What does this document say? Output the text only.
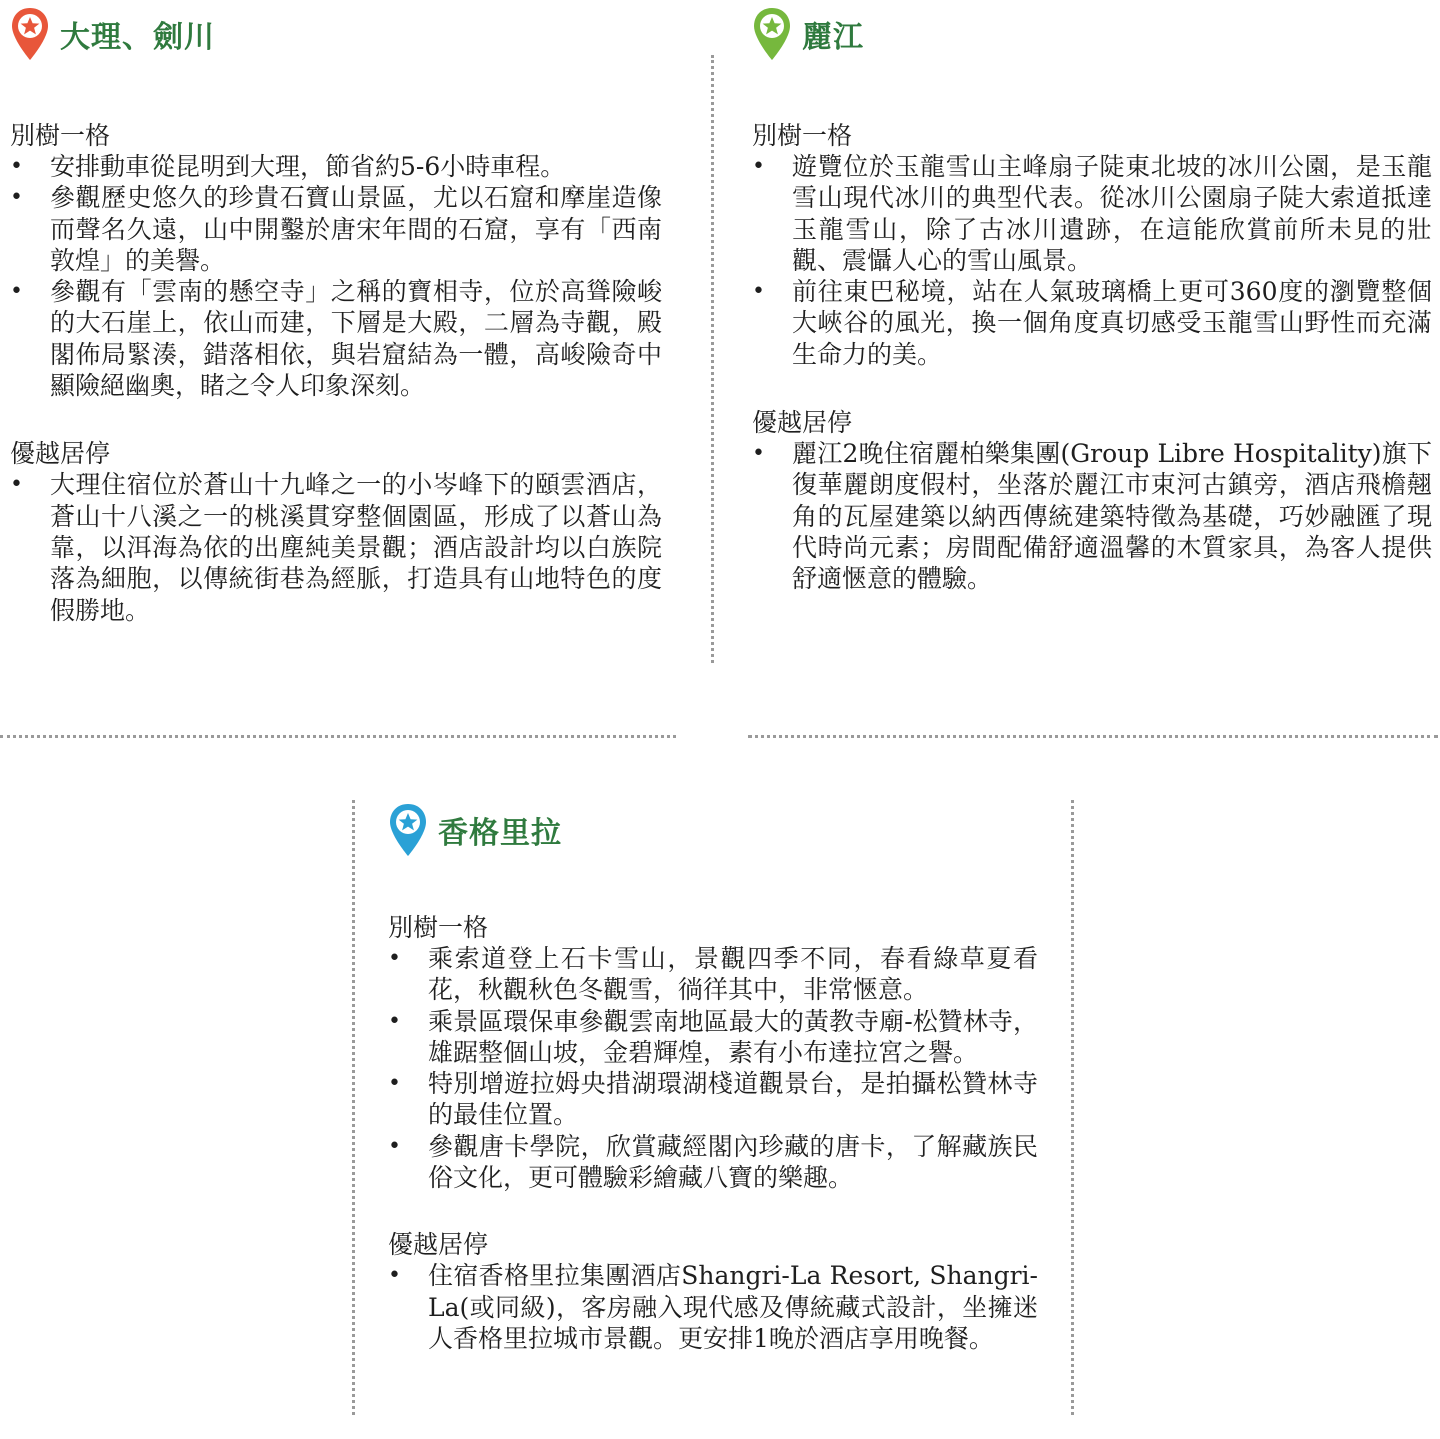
大理、劍川

別樹一格

• 安排動車從昆明到大理，節省約5-6小時車程。
• 參觀歷史悠久的珍貴石寶山景區，尤以石窟和摩崖造像而聲名久遠，山中開鑿於唐宋年間的石窟，享有「西南敦煌」的美譽。
• 參觀有「雲南的懸空寺」之稱的寶相寺，位於高聳險峻的大石崖上，依山而建，下層是大殿，二層為寺觀，殿閣佈局緊湊，錯落相依，與岩窟結為一體，高峻險奇中顯險絕幽奧，睹之令人印象深刻。

優越居停

• 大理住宿位於蒼山十九峰之一的小岑峰下的頤雲酒店，蒼山十八溪之一的桃溪貫穿整個園區，形成了以蒼山為靠，以洱海為依的出塵純美景觀；酒店設計均以白族院落為細胞，以傳統街巷為經脈，打造具有山地特色的度假勝地。
麗江

別樹一格

• 遊覽位於玉龍雪山主峰扇子陡東北坡的冰川公園，是玉龍雪山現代冰川的典型代表。從冰川公園扇子陡大索道抵達玉龍雪山，除了古冰川遺跡，在這能欣賞前所未見的壯觀、震懾人心的雪山風景。
• 前往東巴秘境，站在人氣玻璃橋上更可360度的瀏覽整個大峽谷的風光，換一個角度真切感受玉龍雪山野性而充滿生命力的美。

優越居停

• 麗江2晚住宿麗柏樂集團(Group Libre Hospitality)旗下復華麗朗度假村，坐落於麗江市束河古鎮旁，酒店飛檐翹角的瓦屋建築以納西傳統建築特徵為基礎，巧妙融匯了現代時尚元素；房間配備舒適溫馨的木質家具，為客人提供舒適愜意的體驗。
香格里拉

別樹一格

• 乘索道登上石卡雪山，景觀四季不同，春看綠草夏看花，秋觀秋色冬觀雪，徜徉其中，非常愜意。
• 乘景區環保車參觀雲南地區最大的黃教寺廟-松贊林寺，雄踞整個山坡，金碧輝煌，素有小布達拉宮之譽。
• 特別增遊拉姆央措湖環湖棧道觀景台，是拍攝松贊林寺的最佳位置。
• 參觀唐卡學院，欣賞藏經閣內珍藏的唐卡，了解藏族民俗文化，更可體驗彩繪藏八寶的樂趣。

優越居停

• 住宿香格里拉集團酒店Shangri-La Resort, Shangri-La(或同級)，客房融入現代感及傳統藏式設計，坐擁迷人香格里拉城市景觀。更安排1晚於酒店享用晚餐。
